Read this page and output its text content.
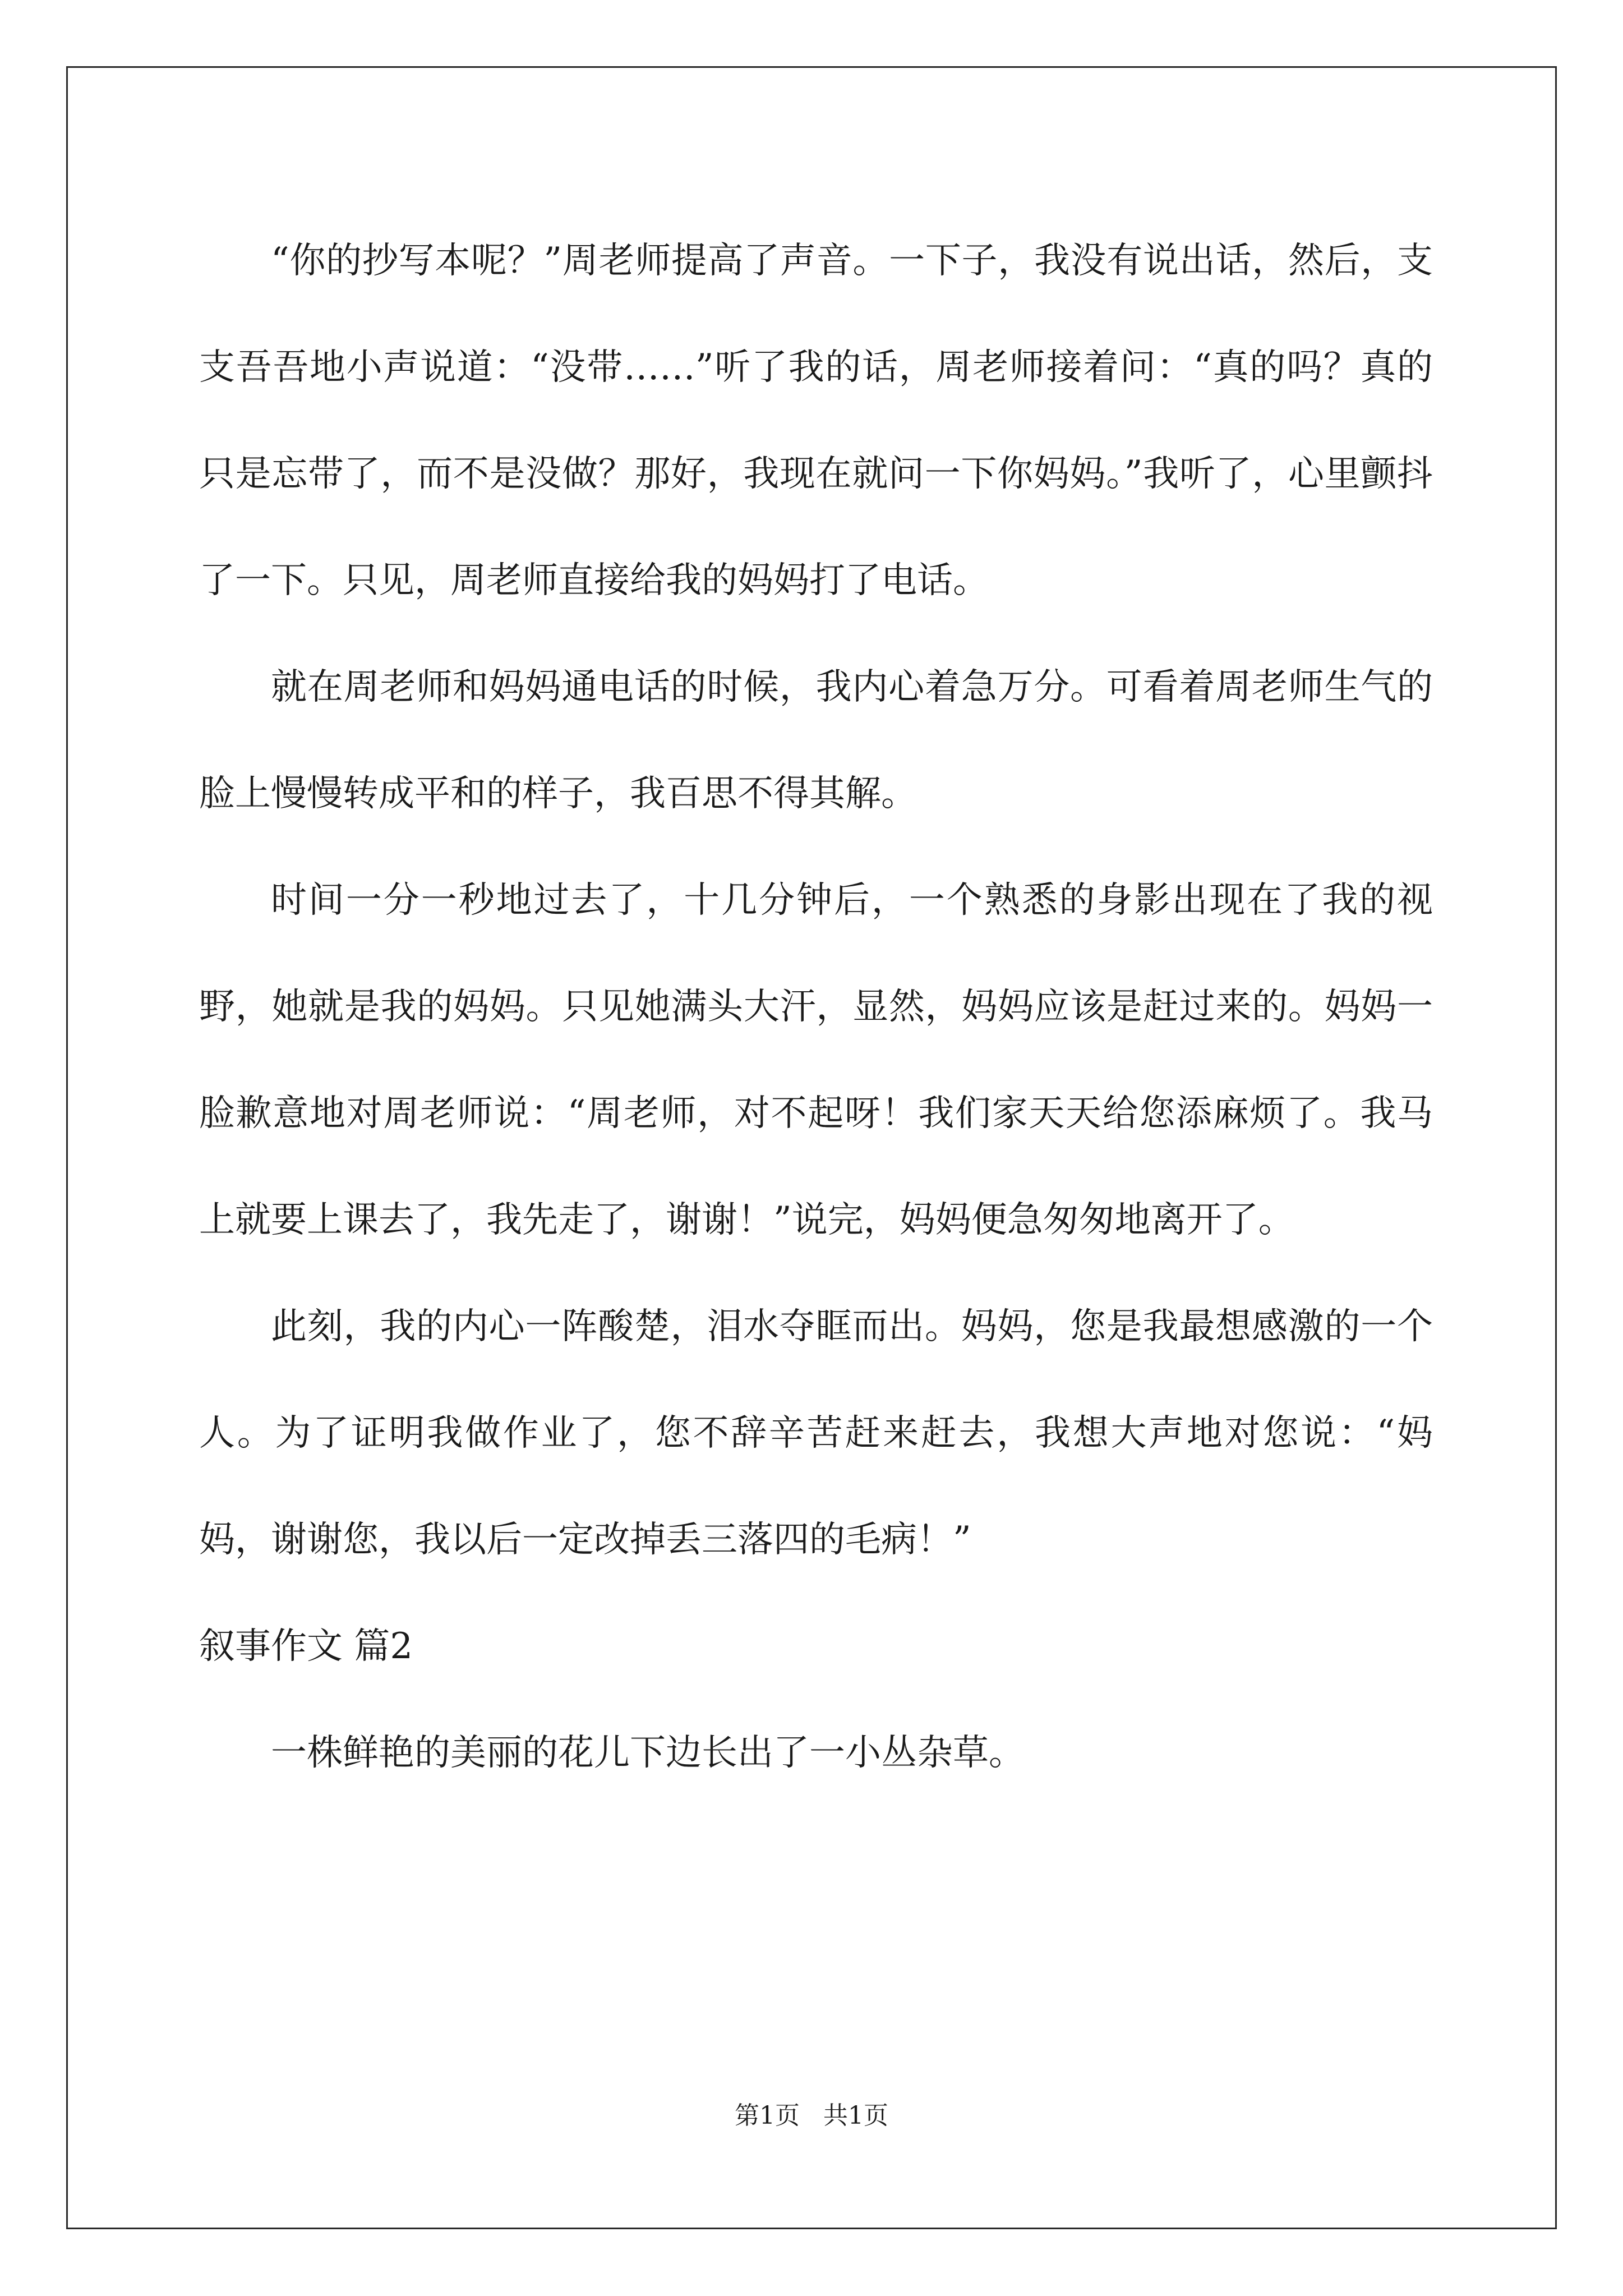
“你的抄写本呢？”周老师提高了声音。一下子，我没有说出话，然后，支支吾吾地小声说道：“没带……”听了我的话，周老师接着问：“真的吗？真的只是忘带了，而不是没做？那好，我现在就问一下你妈妈。”我听了，心里颤抖了一下。只见，周老师直接给我的妈妈打了电话。

就在周老师和妈妈通电话的时候，我内心着急万分。可看着周老师生气的脸上慢慢转成平和的样子，我百思不得其解。

时间一分一秒地过去了，十几分钟后，一个熟悉的身影出现在了我的视野，她就是我的妈妈。只见她满头大汗，显然，妈妈应该是赶过来的。妈妈一脸歉意地对周老师说：“周老师，对不起呀！我们家天天给您添麻烦了。我马上就要上课去了，我先走了，谢谢！”说完，妈妈便急匆匆地离开了。

此刻，我的内心一阵酸楚，泪水夺眶而出。妈妈，您是我最想感激的一个人。为了证明我做作业了，您不辞辛苦赶来赶去，我想大声地对您说：“妈妈，谢谢您，我以后一定改掉丢三落四的毛病！”

叙事作文 篇2

一株鲜艳的美丽的花儿下边长出了一小丛杂草。

第1页   共1页
